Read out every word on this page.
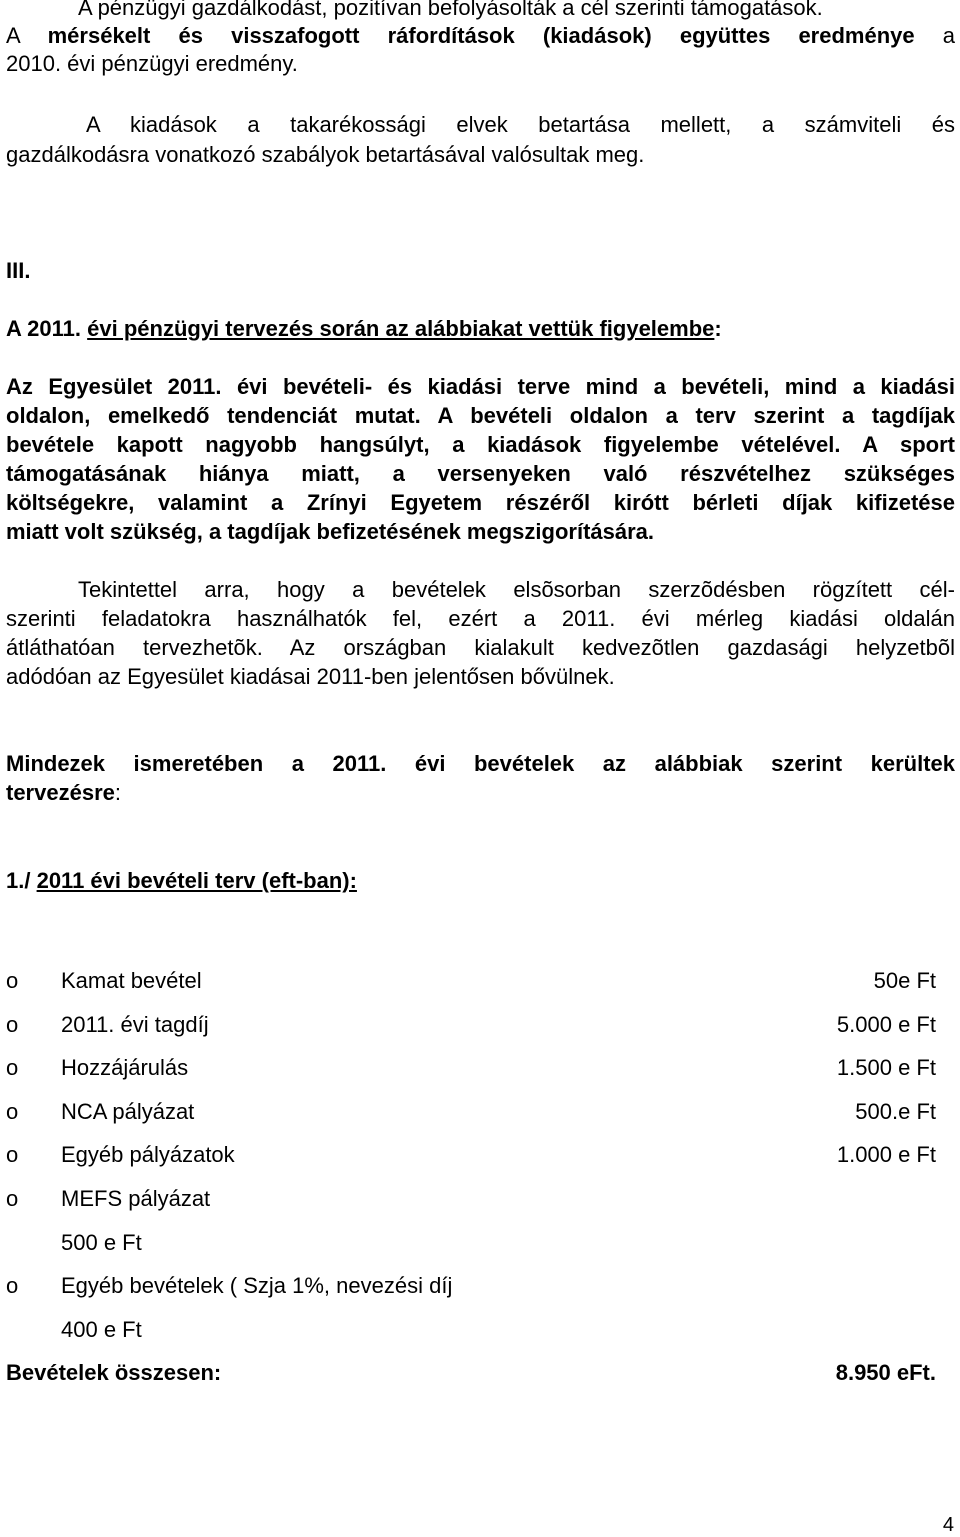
A pénzügyi gazdálkodást, pozitívan befolyásolták a cél szerinti támogatások.

A mérsékelt és visszafogott ráfordítások (kiadások) együttes eredménye a

2010. évi pénzügyi eredmény.

A kiadások a takarékossági elvek betartása mellett, a számviteli és

gazdálkodásra vonatkozó szabályok betartásával valósultak meg.

III.

A 2011. évi pénzügyi tervezés során az alábbiakat vettük figyelembe:

Az Egyesület 2011. évi bevételi- és kiadási terve mind a bevételi, mind a kiadási

oldalon, emelkedő tendenciát mutat. A bevételi oldalon a terv szerint a tagdíjak

bevétele kapott nagyobb hangsúlyt, a kiadások figyelembe vételével. A sport

támogatásának hiánya miatt, a versenyeken való részvételhez szükséges

költségekre, valamint a Zrínyi Egyetem részéről kirótt bérleti díjak kifizetése

miatt volt szükség, a tagdíjak befizetésének megszigorítására.

Tekintettel arra, hogy a bevételek elsõsorban szerzõdésben rögzített cél-

szerinti feladatokra használhatók fel, ezért a 2011. évi mérleg kiadási oldalán

átláthatóan tervezhetõk. Az országban kialakult kedvezõtlen gazdasági helyzetbõl

adódóan az Egyesület kiadásai 2011-ben jelentősen bővülnek.

Mindezek ismeretében a 2011. évi bevételek az alábbiak szerint kerültek

tervezésre:

1./ 2011 évi bevételi terv (eft-ban):

o Kamat bevétel	50e Ft
o 2011. évi tagdíj	5.000 e Ft
o Hozzájárulás	1.500 e Ft
o NCA pályázat	500.e Ft
o Egyéb pályázatok	1.000 e Ft
o MEFS pályázat
500 e Ft
o Egyéb bevételek ( Szja 1%, nevezési díj
400 e Ft
Bevételek összesen:	8.950 eFt.
4
